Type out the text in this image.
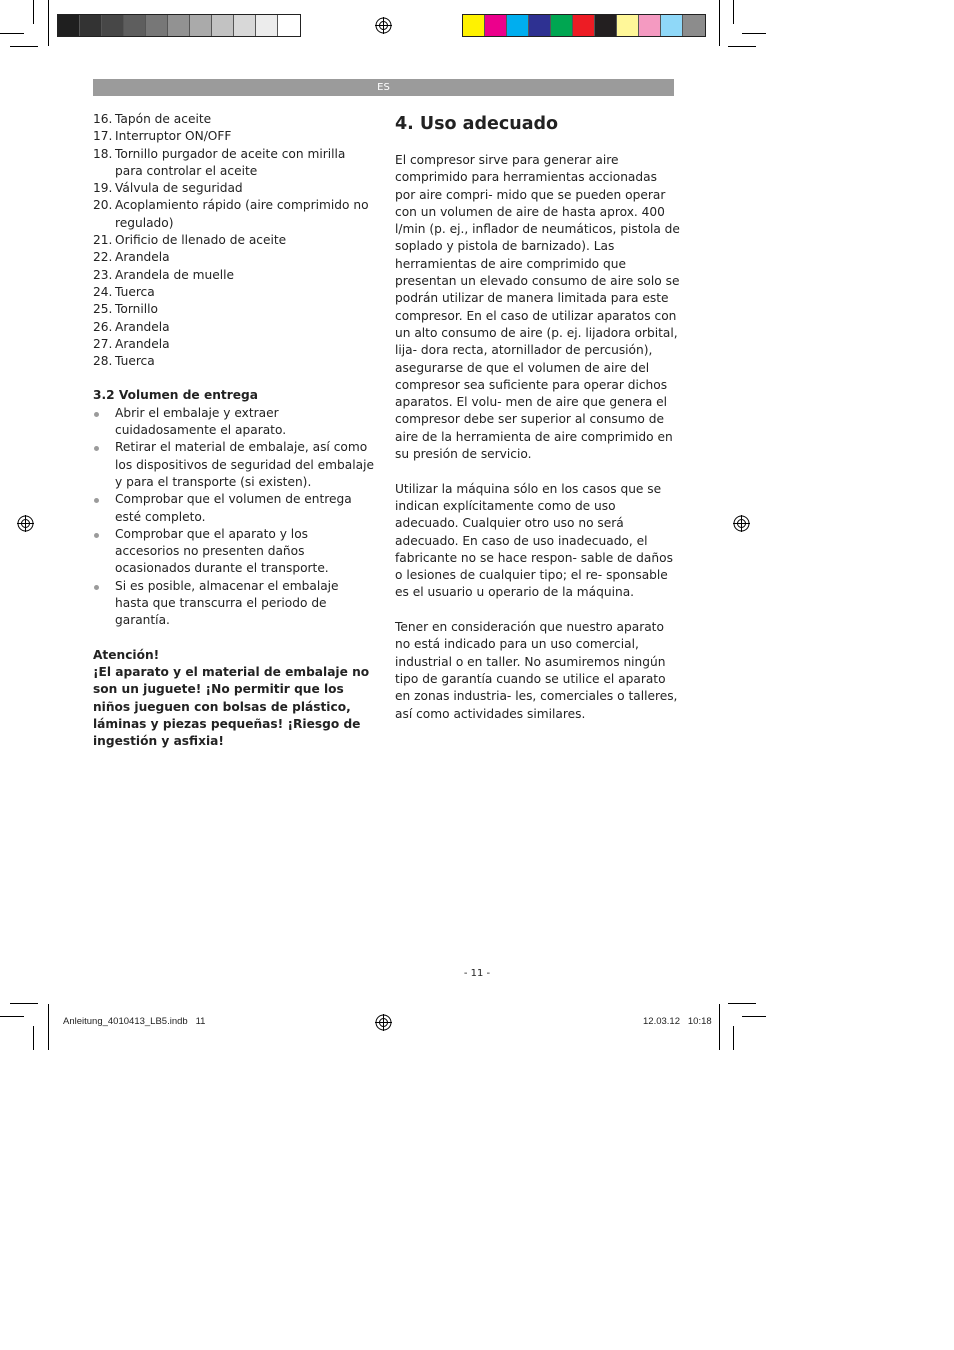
ES
16. Tapón de aceite
17. Interruptor ON/OFF
18. Tornillo purgador de aceite con mirilla para controlar el aceite
19. Válvula de seguridad
20. Acoplamiento rápido (aire comprimido no regulado)
21. Orificio de llenado de aceite
22. Arandela
23. Arandela de muelle
24. Tuerca
25. Tornillo
26. Arandela
27. Arandela
28. Tuerca
3.2 Volumen de entrega
Abrir el embalaje y extraer cuidadosamente el aparato.
Retirar el material de embalaje, así como los dispositivos de seguridad del embalaje y para el transporte (si existen).
Comprobar que el volumen de entrega esté completo.
Comprobar que el aparato y los accesorios no presenten daños ocasionados durante el transporte.
Si es posible, almacenar el embalaje hasta que transcurra el periodo de garantía.
Atención!
¡El aparato y el material de embalaje no son un juguete! ¡No permitir que los niños jueguen con bolsas de plástico, láminas y piezas pequeñas! ¡Riesgo de ingestión y asfixia!
4. Uso adecuado

El compresor sirve para generar aire comprimido para herramientas accionadas por aire compri- mido que se pueden operar con un volumen de aire de hasta aprox. 400 l/min (p. ej., inflador de neumáticos, pistola de soplado y pistola de barnizado). Las herramientas de aire comprimido que presentan un elevado consumo de aire solo se podrán utilizar de manera limitada para este compresor. En el caso de utilizar aparatos con un alto consumo de aire (p. ej. lijadora orbital, lija- dora recta, atornillador de percusión), asegurarse de que el volumen de aire del compresor sea suficiente para operar dichos aparatos. El volu- men de aire que genera el compresor debe ser superior al consumo de aire de la herramienta de aire comprimido en su presión de servicio.

Utilizar la máquina sólo en los casos que se indican explícitamente como de uso adecuado. Cualquier otro uso no será adecuado. En caso de uso inadecuado, el fabricante no se hace respon- sable de daños o lesiones de cualquier tipo; el re- sponsable es el usuario u operario de la máquina.

Tener en consideración que nuestro aparato no está indicado para un uso comercial, industrial o en taller. No asumiremos ningún tipo de garantía cuando se utilice el aparato en zonas industria- les, comerciales o talleres, así como actividades similares.

- 11 -
Anleitung_4010413_LB5.indb   11	12.03.12   10:18
